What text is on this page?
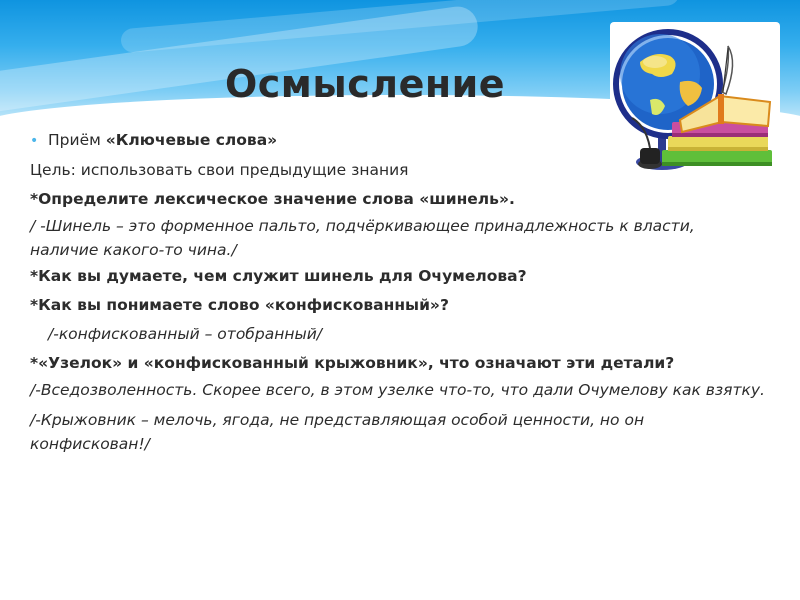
Осмысление

• Приём «Ключевые слова»

Цель: использовать свои предыдущие знания

*Определите лексическое значение слова «шинель».

/ -Шинель – это форменное пальто, подчёркивающее принадлежность к власти, наличие какого-то чина./

*Как вы думаете, чем служит шинель для Очумелова?

*Как вы понимаете слово «конфискованный»?

/-конфискованный – отобранный/

*«Узелок» и «конфискованный крыжовник», что означают эти детали?

/-Вседозволенность. Скорее всего, в этом узелке что-то, что дали Очумелову как взятку.

/-Крыжовник – мелочь, ягода, не представляющая особой ценности, но он конфискован!/
